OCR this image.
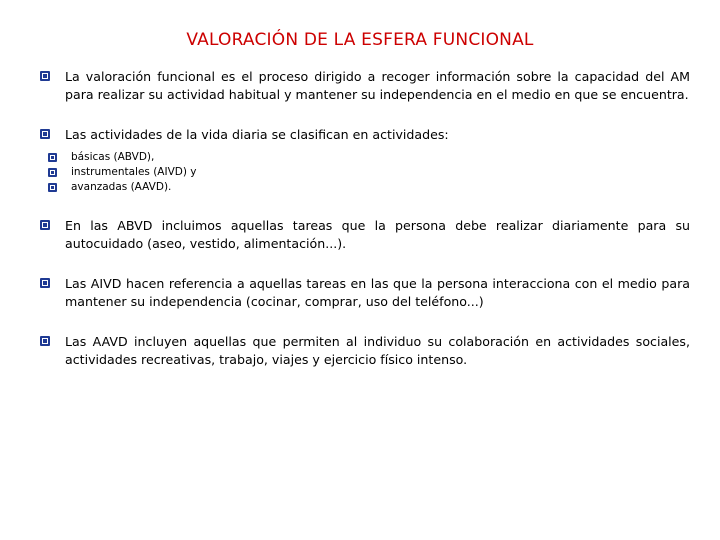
VALORACIÓN DE LA ESFERA FUNCIONAL
La valoración funcional es el proceso dirigido a recoger información sobre la capacidad del AM para realizar su actividad habitual y mantener su independencia en el medio en que se encuentra.
Las actividades de la vida diaria se clasifican en actividades:
básicas (ABVD),
instrumentales (AIVD) y
avanzadas (AAVD).
En las ABVD incluimos aquellas tareas que la persona debe realizar diariamente para su autocuidado (aseo, vestido, alimentación...).
Las AIVD hacen referencia a aquellas tareas en las que la persona interacciona con el medio para mantener su independencia (cocinar, comprar, uso del teléfono...)
Las AAVD incluyen aquellas que permiten al individuo su colaboración en actividades sociales, actividades recreativas, trabajo, viajes y ejercicio físico intenso.
